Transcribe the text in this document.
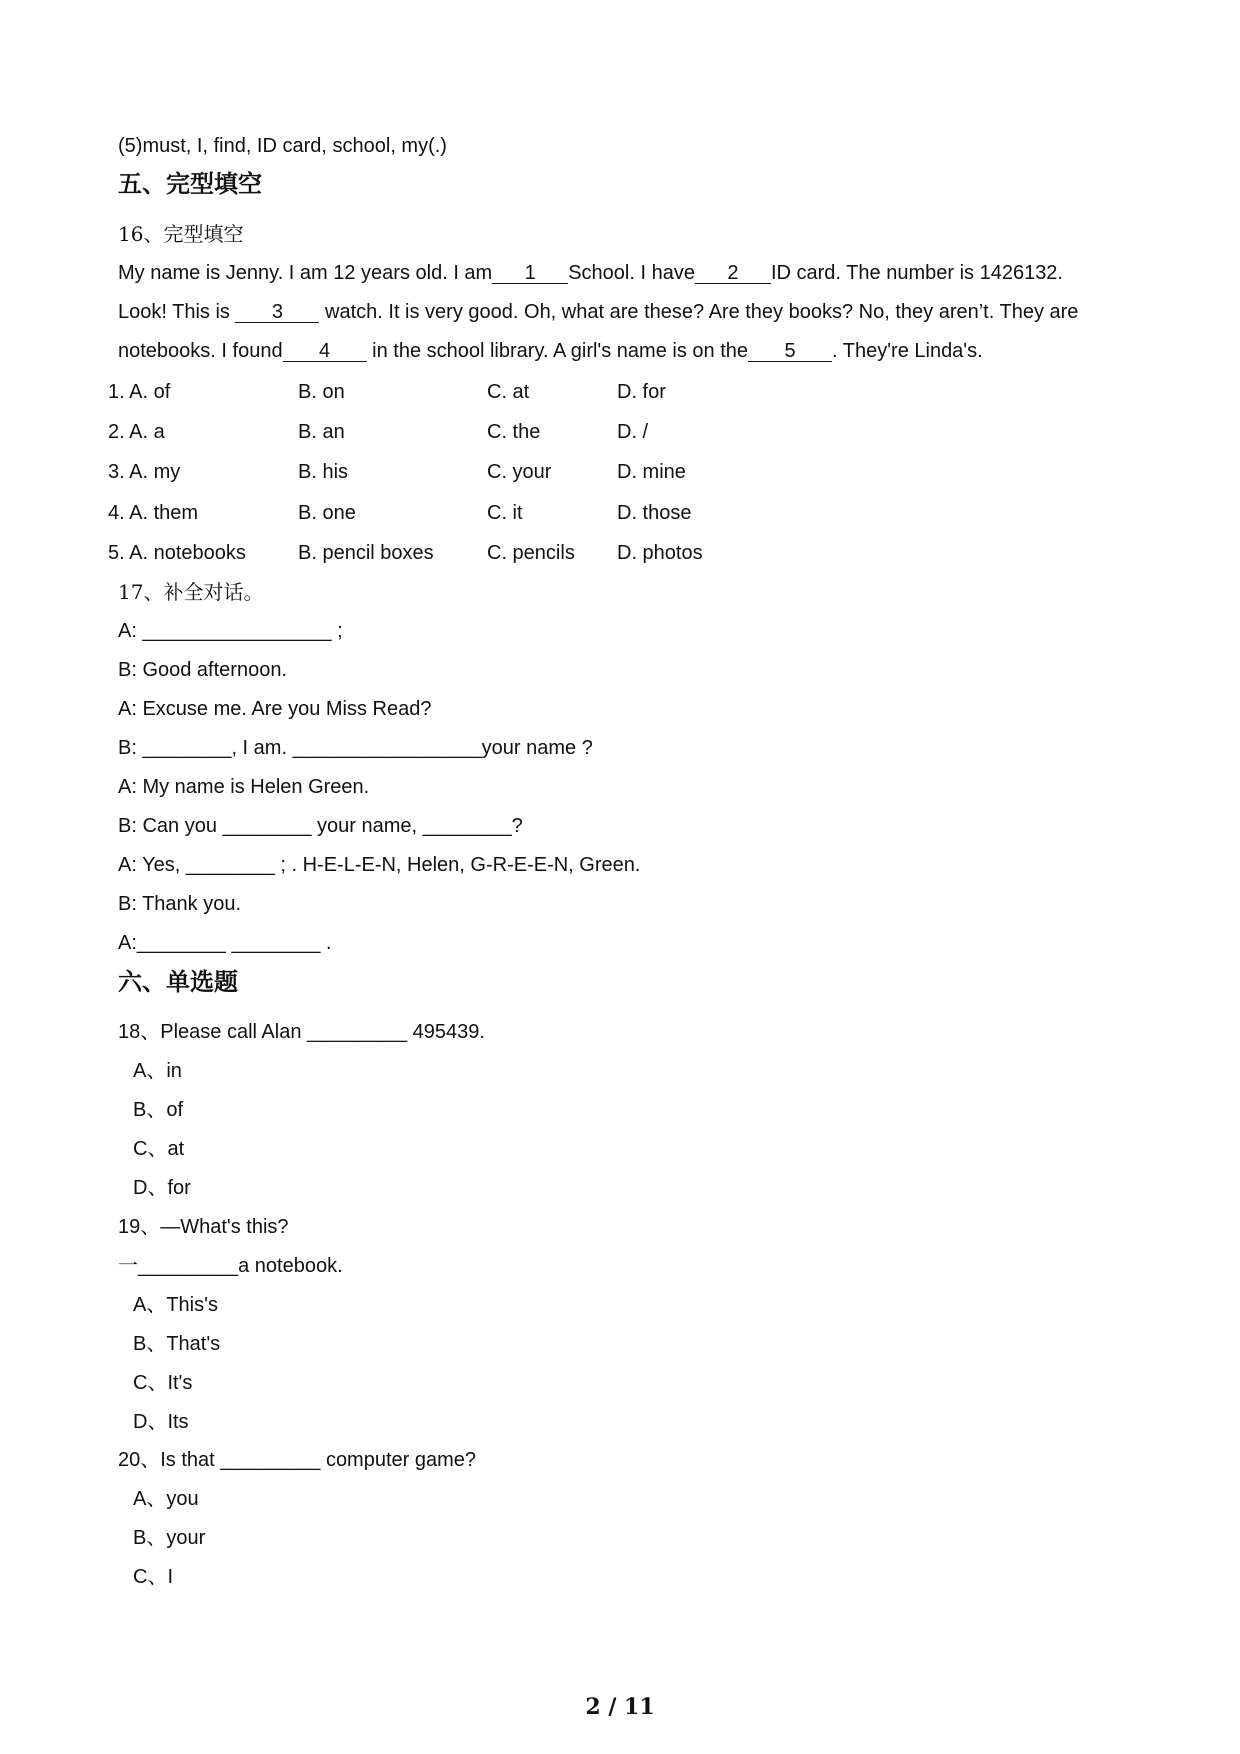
(5)must, I, find, ID card, school, my(.)
五、完型填空
16、完型填空
My name is Jenny. I am 12 years old. I am 1 School. I have 2 ID card. The number is 1426132.
Look! This is 3 watch. It is very good. Oh, what are these? Are they books? No, they aren’t. They are
notebooks. I found 4 in the school library. A girl's name is on the 5 . They're Linda's.
1. A. of	B. on	C. at	D. for
2. A. a	B. an	C. the	D. /
3. A. my	B. his	C. your	D. mine
4. A. them	B. one	C. it	D. those
5. A. notebooks	B. pencil boxes	C. pencils D. photos
17、补全对话。
A: _________________ ;
B: Good afternoon.
A: Excuse me. Are you Miss Read?
B: ________, I am. _________________your name ?
A: My name is Helen Green.
B: Can you ________ your name, ________?
A: Yes, ________ ; . H-E-L-E-N, Helen, G-R-E-E-N, Green.
B: Thank you.
A:________ ________ .
六、单选题
18、Please call Alan _________ 495439.
A、in
B、of
C、at
D、for
19、—What's this?
一_________a notebook.
A、This's
B、That's
C、It's
D、Its
20、Is that _________ computer game?
A、you
B、your
C、I
2 / 11
